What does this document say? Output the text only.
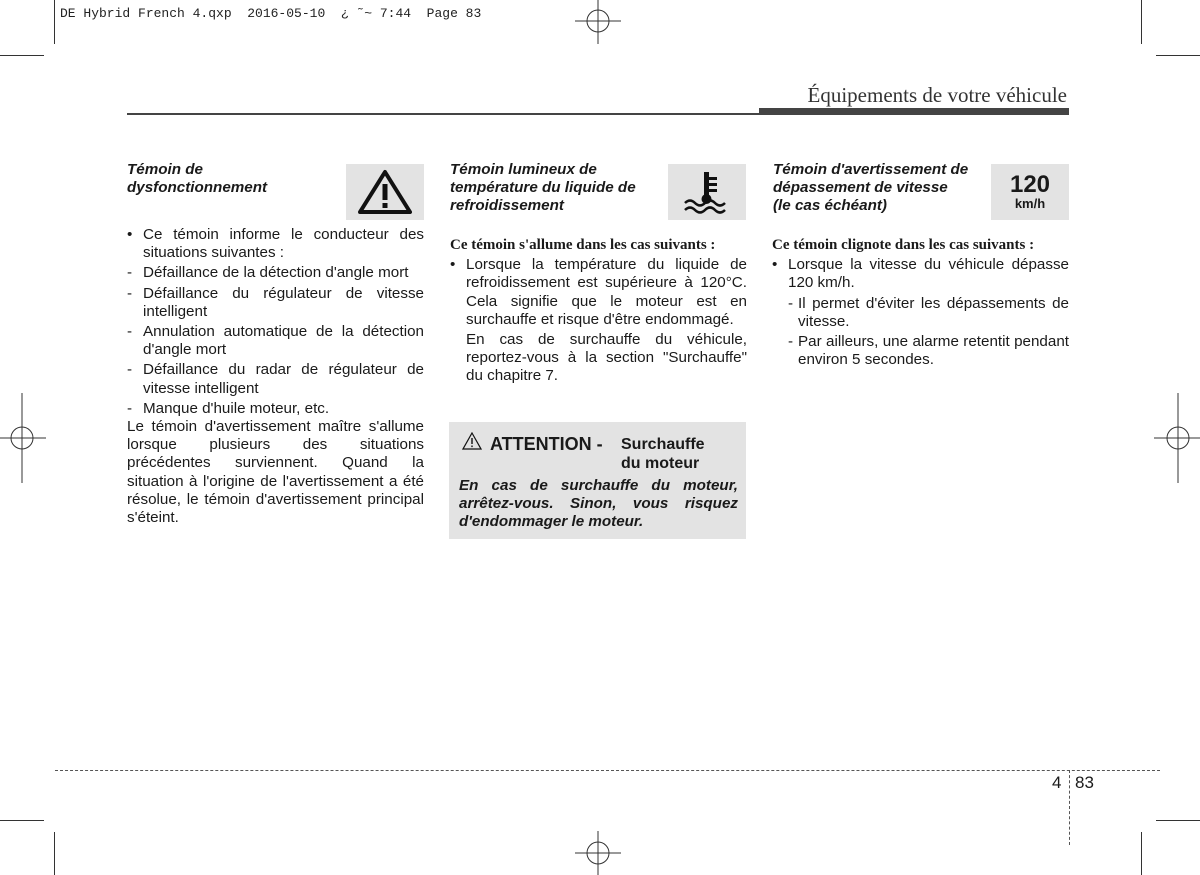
DE Hybrid French 4.qxp  2016-05-10  ¿ ˜~ 7:44  Page 83
Équipements de votre véhicule
Témoin de
dysfonctionnement
• Ce témoin informe le conducteur des situations suivantes :
- Défaillance de la détection d'angle mort
- Défaillance du régulateur de vitesse intelligent
- Annulation automatique de la détection d'angle mort
- Défaillance du radar de régulateur de vitesse intelligent
- Manque d'huile moteur, etc.

Le témoin d'avertissement maître s'allume lorsque plusieurs des situations précédentes surviennent. Quand la situation à l'origine de l'avertissement a été résolue, le témoin d'avertissement principal s'éteint.

Témoin lumineux de
température du liquide de
refroidissement

Ce témoin s'allume dans les cas suivants :

• Lorsque la température du liquide de refroidissement est supérieure à 120°C. Cela signifie que le moteur est en surchauffe et risque d'être endommagé.
En cas de surchauffe du véhicule, reportez-vous à la section "Surchauffe" du chapitre 7.
ATTENTION - Surchauffe
du moteur

En cas de surchauffe du moteur, arrêtez-vous. Sinon, vous risquez d'endommager le moteur.

Témoin d'avertissement de
dépassement de vitesse
(le cas échéant)
120
km/h

Ce témoin clignote dans les cas suivants :

• Lorsque la vitesse du véhicule dépasse 120 km/h.
- Il permet d'éviter les dépassements de vitesse.
- Par ailleurs, une alarme retentit pendant environ 5 secondes.
4 83
